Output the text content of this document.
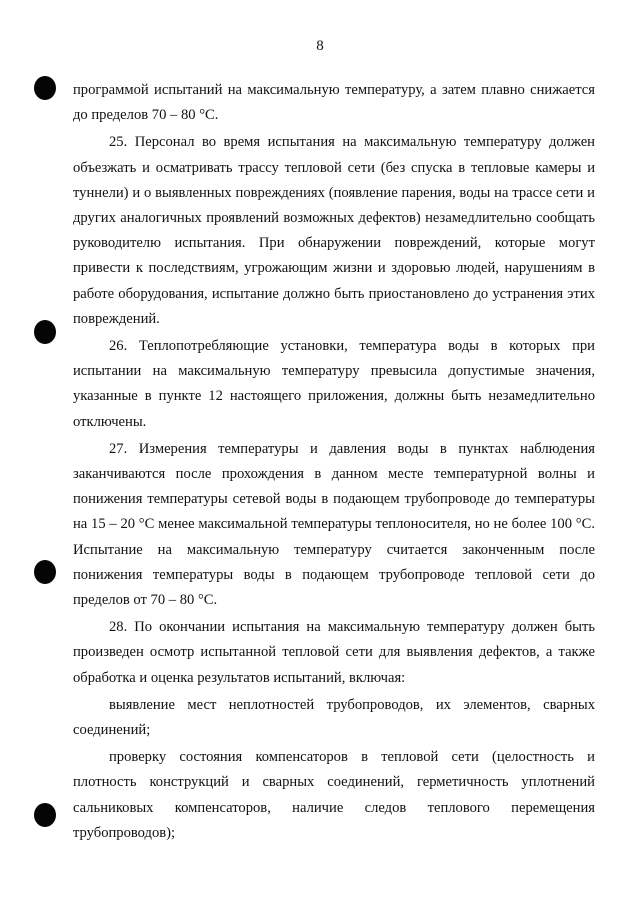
8

программой испытаний на максимальную температуру, а затем плавно снижается до пределов 70 – 80 °С.

25. Персонал во время испытания на максимальную температуру должен объезжать и осматривать трассу тепловой сети (без спуска в тепловые камеры и туннели) и о выявленных повреждениях (появление парения, воды на трассе сети и других аналогичных проявлений возможных дефектов) незамедлительно сообщать руководителю испытания. При обнаружении повреждений, которые могут привести к последствиям, угрожающим жизни и здоровью людей, нарушениям в работе оборудования, испытание должно быть приостановлено до устранения этих повреждений.

26. Теплопотребляющие установки, температура воды в которых при испытании на максимальную температуру превысила допустимые значения, указанные в пункте 12 настоящего приложения, должны быть незамедлительно отключены.

27. Измерения температуры и давления воды в пунктах наблюдения заканчиваются после прохождения в данном месте температурной волны и понижения температуры сетевой воды в подающем трубопроводе до температуры на 15 – 20 °С менее максимальной температуры теплоносителя, но не более 100 °С. Испытание на максимальную температуру считается законченным после понижения температуры воды в подающем трубопроводе тепловой сети до пределов от 70 – 80 °С.

28. По окончании испытания на максимальную температуру должен быть произведен осмотр испытанной тепловой сети для выявления дефектов, а также обработка и оценка результатов испытаний, включая:

выявление мест неплотностей трубопроводов, их элементов, сварных соединений;

проверку состояния компенсаторов в тепловой сети (целостность и плотность конструкций и сварных соединений, герметичность уплотнений сальниковых компенсаторов, наличие следов теплового перемещения трубопроводов);
